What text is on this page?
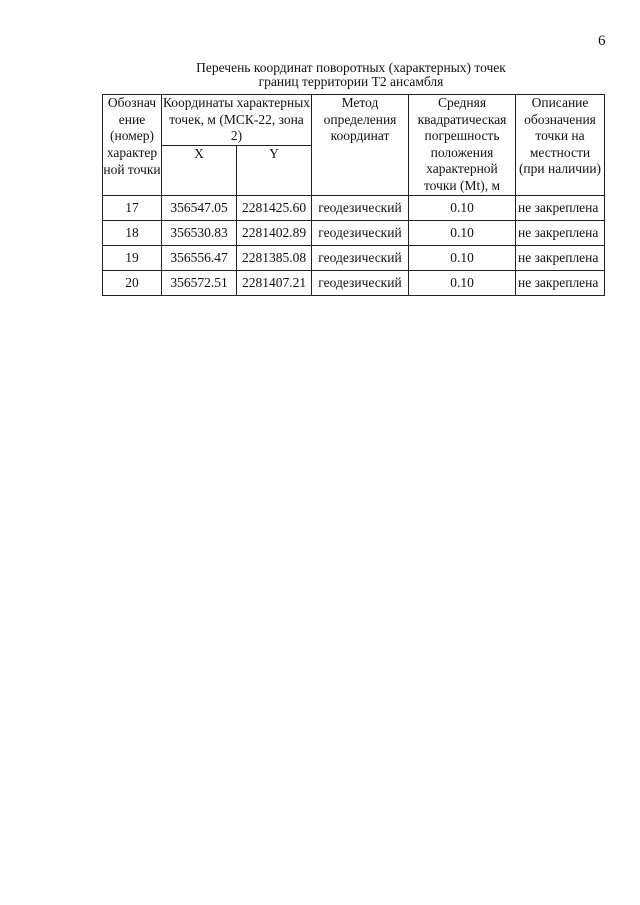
6
Перечень координат поворотных (характерных) точек
границ территории Т2 ансамбля
Обознач ение (номер)	Координаты характерных точек, м (МСК-22, зона 2)		Метод определения координат	Средняя квадратическая погрешность положения характерной точки (Mt), м	Описание обозначения точки на местности (при наличии)
характер ной точки	X	Y			
17	356547.05	2281425.60	геодезический	0.10	не закреплена
18	356530.83	2281402.89	геодезический	0.10	не закреплена
19	356556.47	2281385.08	геодезический	0.10	не закреплена
20	356572.51	2281407.21	геодезический	0.10	не закреплена
